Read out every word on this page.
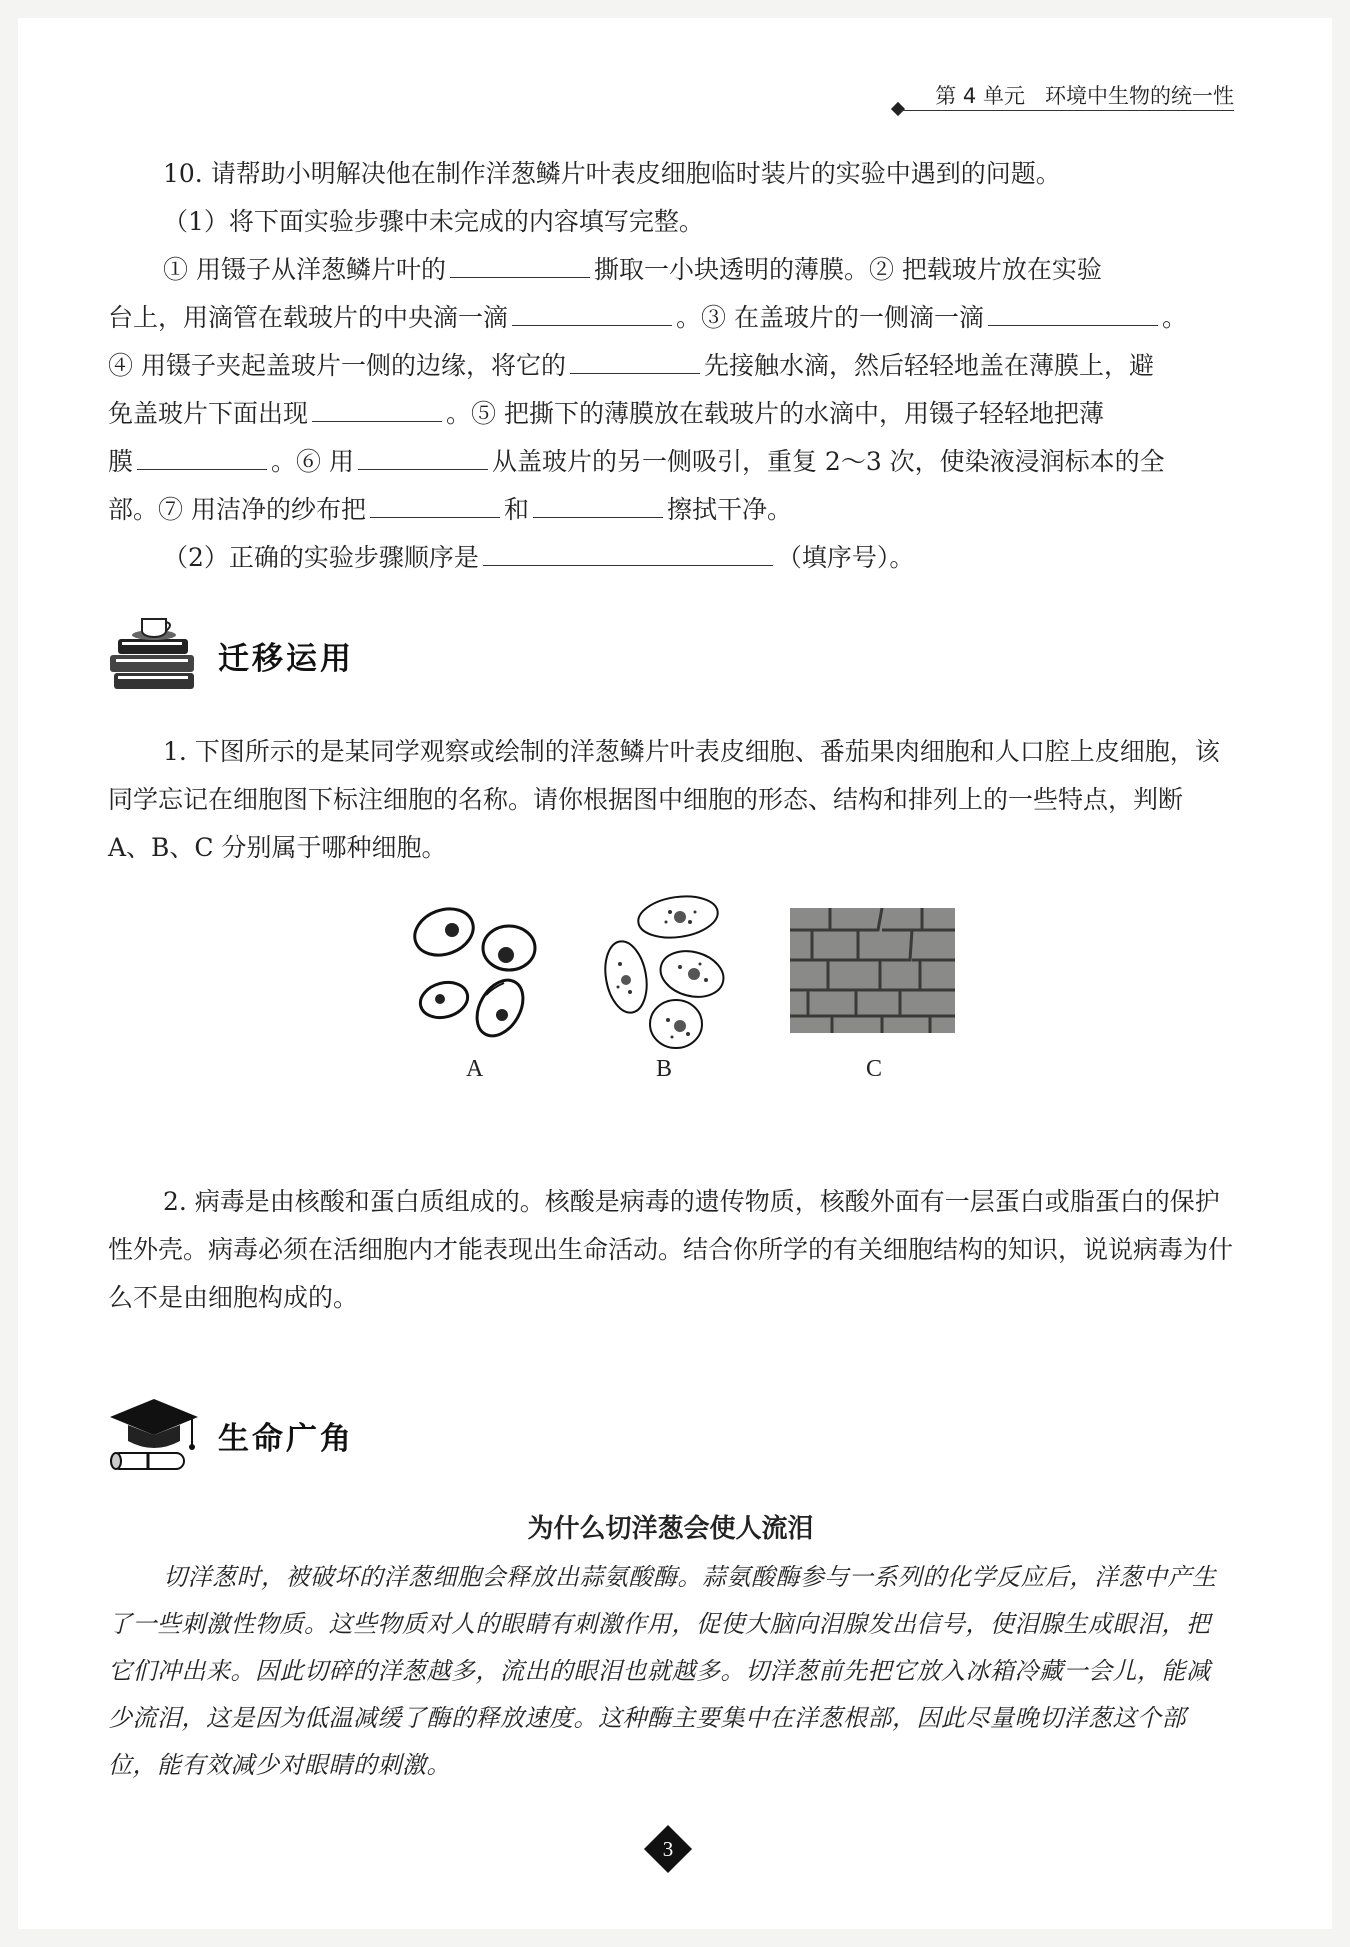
第 4 单元 环境中生物的统一性

10. 请帮助小明解决他在制作洋葱鳞片叶表皮细胞临时装片的实验中遇到的问题。

（1）将下面实验步骤中未完成的内容填写完整。

① 用镊子从洋葱鳞片叶的	撕取一小块透明的薄膜。② 把载玻片放在实验

台上，用滴管在载玻片的中央滴一滴	。③ 在盖玻片的一侧滴一滴	。

④ 用镊子夹起盖玻片一侧的边缘，将它的	先接触水滴，然后轻轻地盖在薄膜上，避

免盖玻片下面出现	。⑤ 把撕下的薄膜放在载玻片的水滴中，用镊子轻轻地把薄

膜	。⑥ 用	从盖玻片的另一侧吸引，重复 2～3 次，使染液浸润标本的全

部。⑦ 用洁净的纱布把	和	擦拭干净。

（2）正确的实验步骤顺序是	（填序号）。

迁移运用

1. 下图所示的是某同学观察或绘制的洋葱鳞片叶表皮细胞、番茄果肉细胞和人口腔上皮细胞，该同学忘记在细胞图下标注细胞的名称。请你根据图中细胞的形态、结构和排列上的一些特点，判断 A、B、C 分别属于哪种细胞。

A	B	C

2. 病毒是由核酸和蛋白质组成的。核酸是病毒的遗传物质，核酸外面有一层蛋白或脂蛋白的保护性外壳。病毒必须在活细胞内才能表现出生命活动。结合你所学的有关细胞结构的知识，说说病毒为什么不是由细胞构成的。

生命广角
为什么切洋葱会使人流泪

切洋葱时，被破坏的洋葱细胞会释放出蒜氨酸酶。蒜氨酸酶参与一系列的化学反应后，洋葱中产生了一些刺激性物质。这些物质对人的眼睛有刺激作用，促使大脑向泪腺发出信号，使泪腺生成眼泪，把它们冲出来。因此切碎的洋葱越多，流出的眼泪也就越多。切洋葱前先把它放入冰箱冷藏一会儿，能减少流泪，这是因为低温减缓了酶的释放速度。这种酶主要集中在洋葱根部，因此尽量晚切洋葱这个部位，能有效减少对眼睛的刺激。

3
